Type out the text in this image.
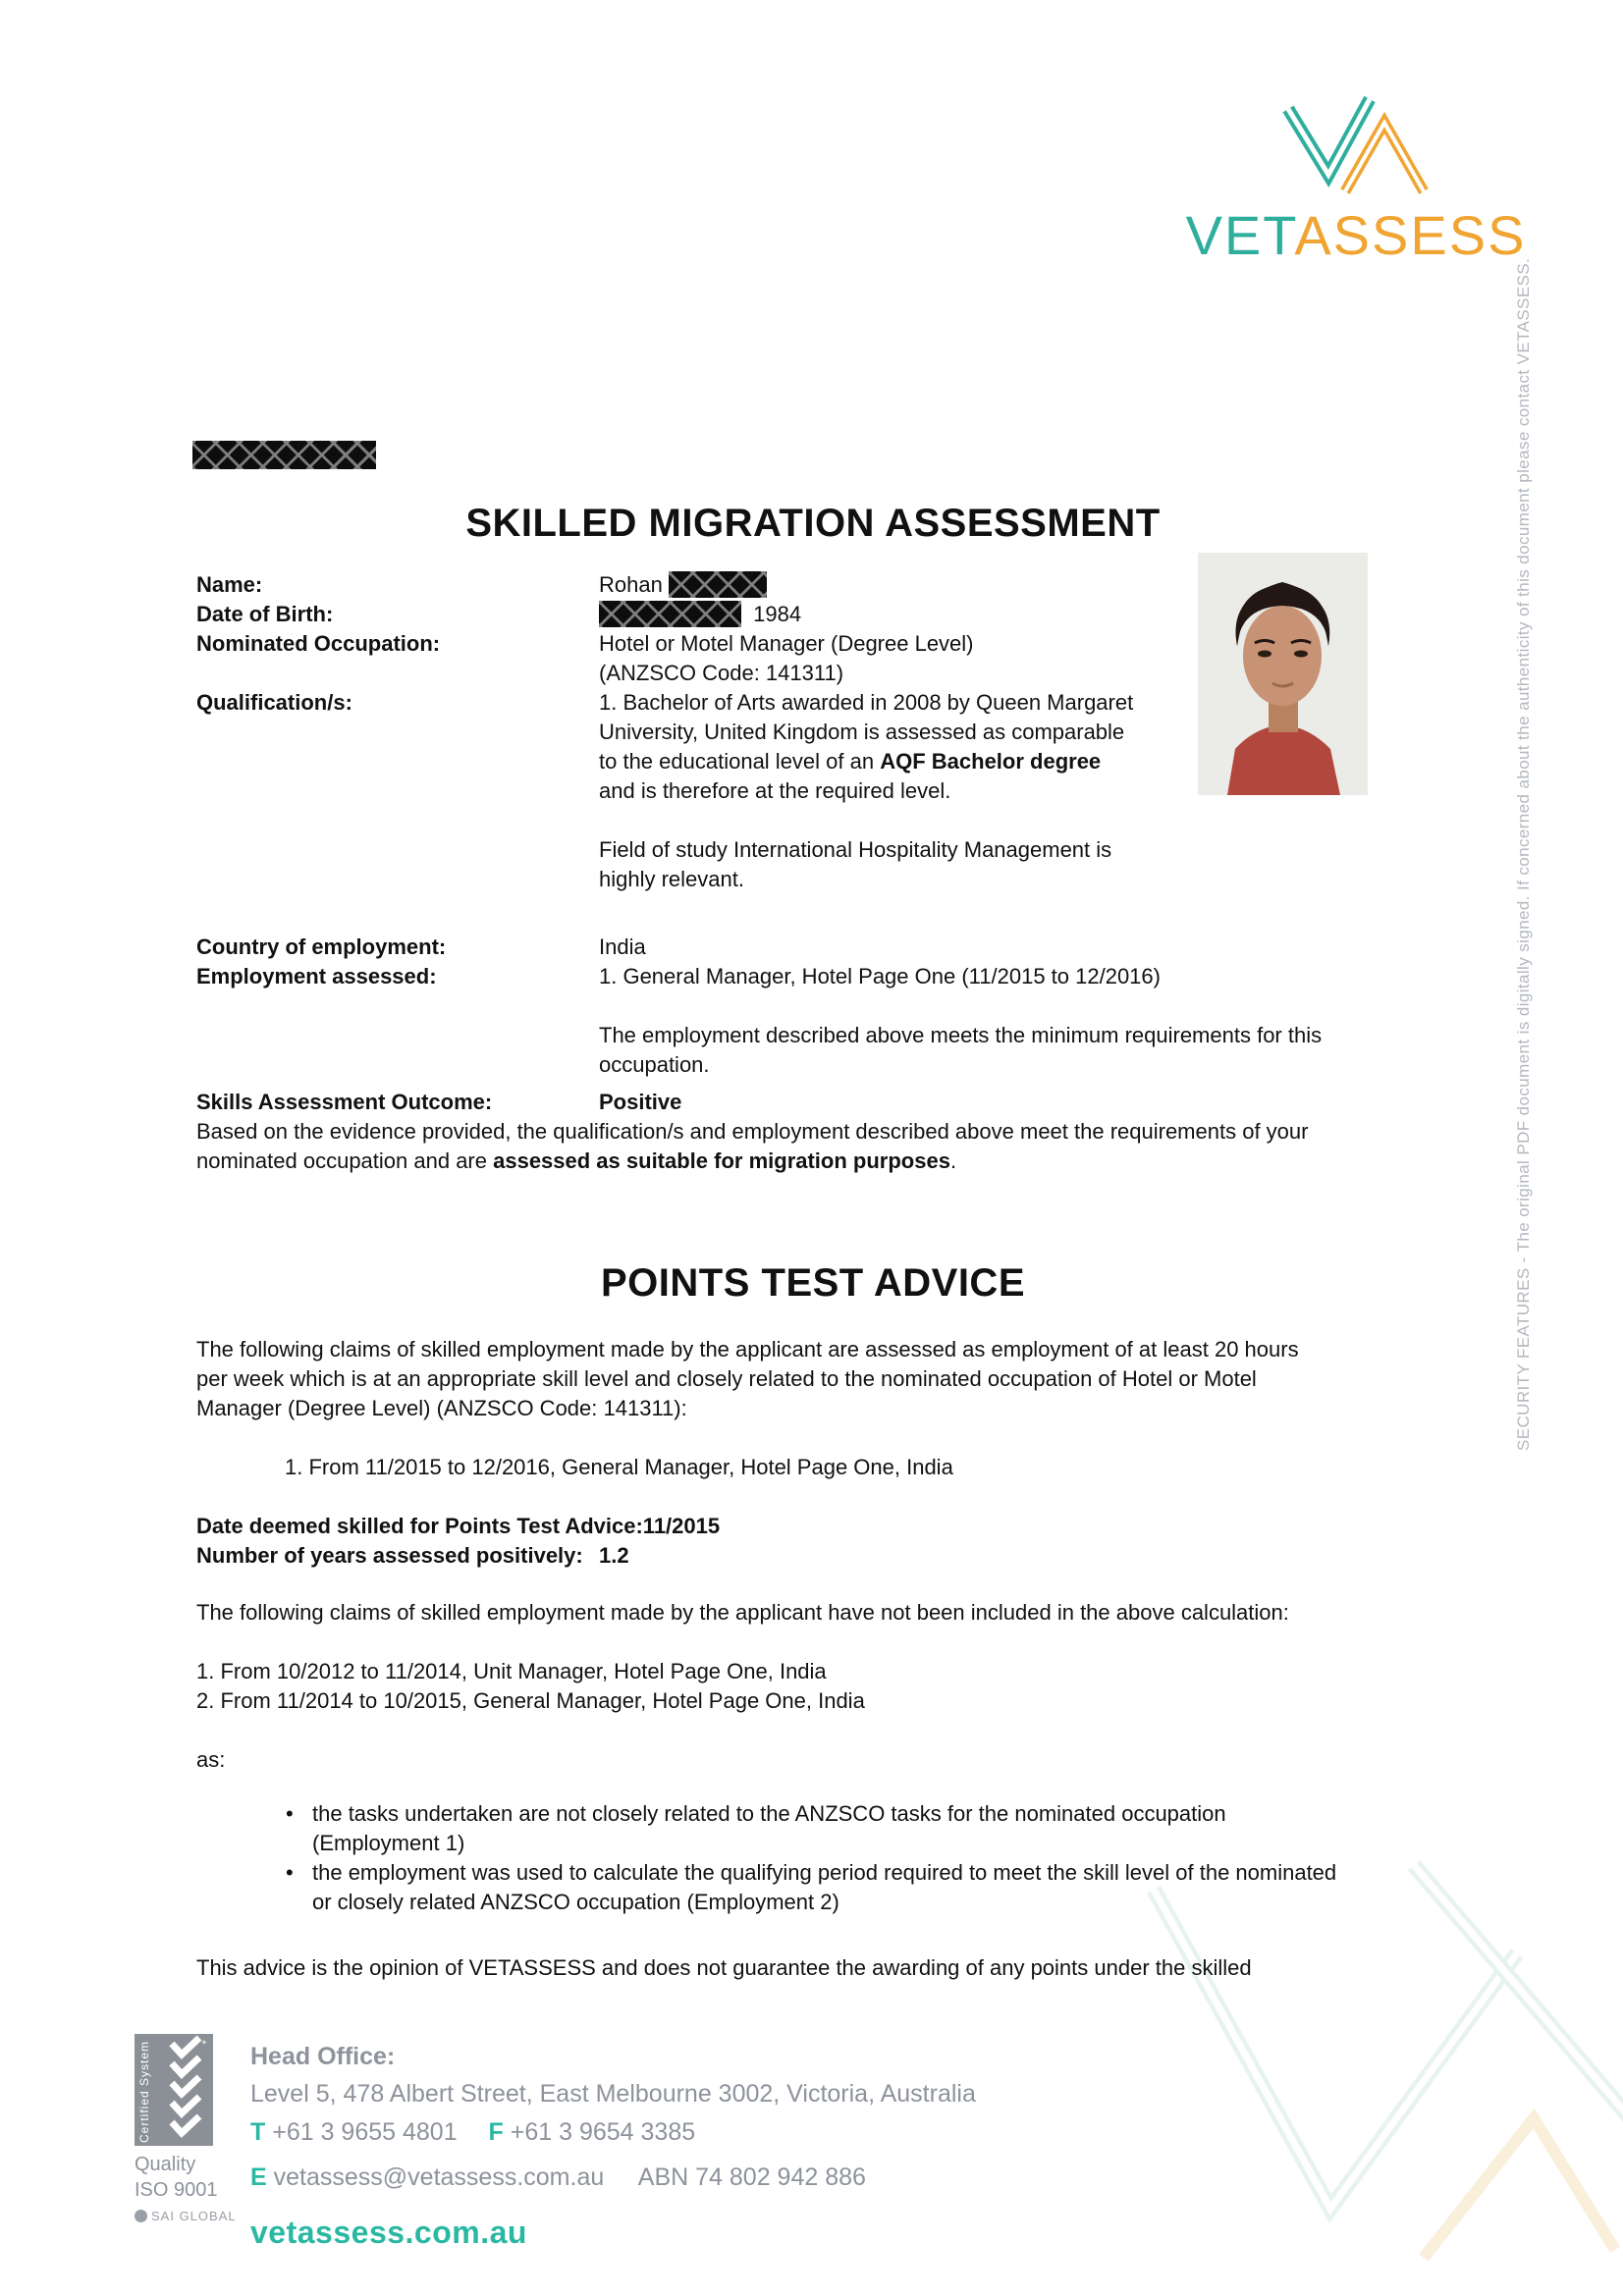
VETASSESS
SECURITY FEATURES - The original PDF document is digitally signed. If concerned about the authenticity of this document please contact VETASSESS.
SKILLED MIGRATION ASSESSMENT
Name:	Rohan
Date of Birth:	1984
Nominated Occupation:	Hotel or Motel Manager (Degree Level)
(ANZSCO Code: 141311)
Qualification/s:	1. Bachelor of Arts awarded in 2008 by Queen Margaret
University, United Kingdom is assessed as comparable
to the educational level of an AQF Bachelor degree
and is therefore at the required level.
Field of study International Hospitality Management is
highly relevant.
Country of employment:	India
Employment assessed:	1. General Manager, Hotel Page One (11/2015 to 12/2016)
The employment described above meets the minimum requirements for this
occupation.
Skills Assessment Outcome:	Positive
Based on the evidence provided, the qualification/s and employment described above meet the requirements of your
nominated occupation and are assessed as suitable for migration purposes.
POINTS TEST ADVICE
The following claims of skilled employment made by the applicant are assessed as employment of at least 20 hours
per week which is at an appropriate skill level and closely related to the nominated occupation of Hotel or Motel
Manager (Degree Level) (ANZSCO Code: 141311):
1. From 11/2015 to 12/2016, General Manager, Hotel Page One, India
Date deemed skilled for Points Test Advice:11/2015
Number of years assessed positively: 1.2
The following claims of skilled employment made by the applicant have not been included in the above calculation:
1. From 10/2012 to 11/2014, Unit Manager, Hotel Page One, India
2. From 11/2014 to 10/2015, General Manager, Hotel Page One, India
as:
• the tasks undertaken are not closely related to the ANZSCO tasks for the nominated occupation
(Employment 1)
• the employment was used to calculate the qualifying period required to meet the skill level of the nominated
or closely related ANZSCO occupation (Employment 2)
This advice is the opinion of VETASSESS and does not guarantee the awarding of any points under the skilled
Certified System	+
Quality
ISO 9001
SAI GLOBAL
Head Office:
Level 5, 478 Albert Street, East Melbourne 3002, Victoria, Australia
T +61 3 9655 4801 F +61 3 9654 3385
E vetassess@vetassess.com.au ABN 74 802 942 886
vetassess.com.au
